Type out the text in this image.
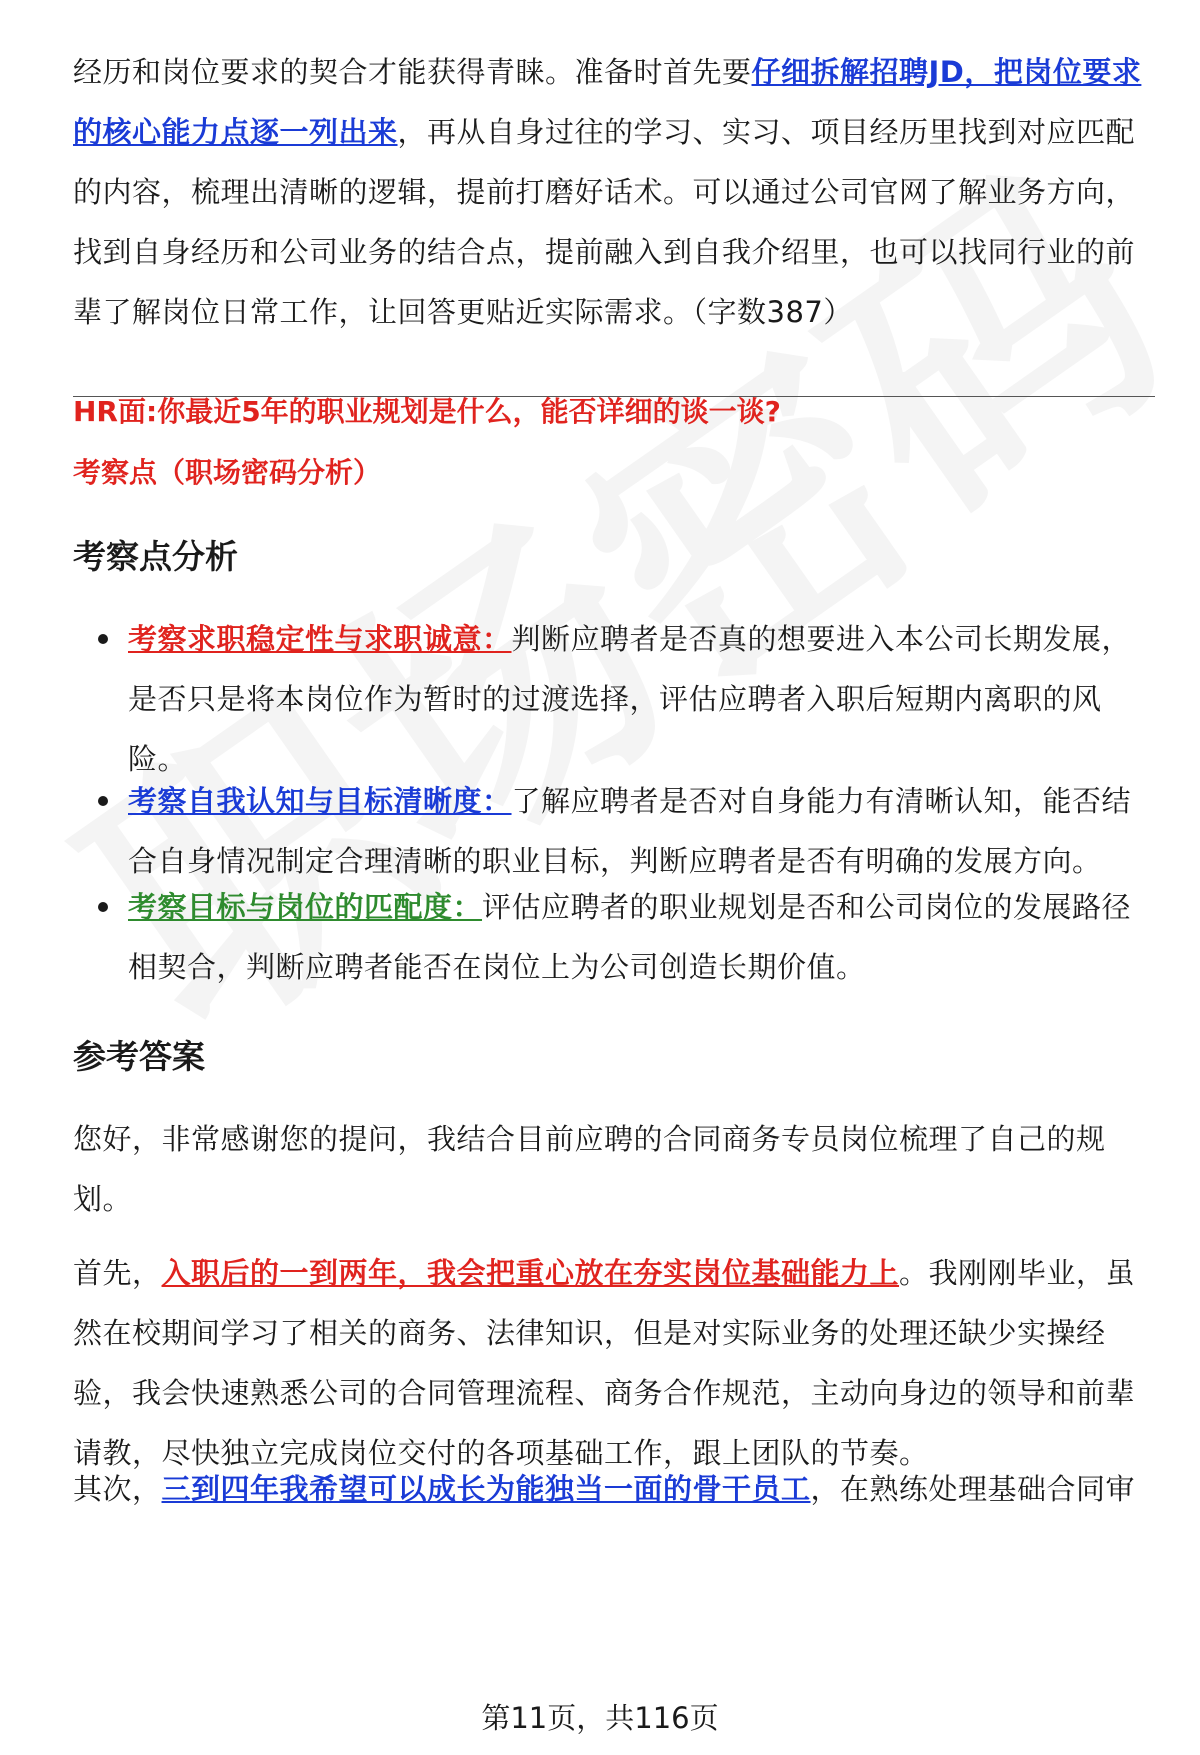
经历和岗位要求的契合才能获得青睐。准备时首先要仔细拆解招聘JD，把岗位要求的核心能力点逐一列出来，再从自身过往的学习、实习、项目经历里找到对应匹配的内容，梳理出清晰的逻辑，提前打磨好话术。可以通过公司官网了解业务方向，找到自身经历和公司业务的结合点，提前融入到自我介绍里，也可以找同行业的前辈了解岗位日常工作，让回答更贴近实际需求。（字数387）
HR面:你最近5年的职业规划是什么，能否详细的谈一谈?
考察点（职场密码分析）
考察点分析
考察求职稳定性与求职诚意：判断应聘者是否真的想要进入本公司长期发展，是否只是将本岗位作为暂时的过渡选择，评估应聘者入职后短期内离职的风险。
考察自我认知与目标清晰度：了解应聘者是否对自身能力有清晰认知，能否结合自身情况制定合理清晰的职业目标，判断应聘者是否有明确的发展方向。
考察目标与岗位的匹配度：评估应聘者的职业规划是否和公司岗位的发展路径相契合，判断应聘者能否在岗位上为公司创造长期价值。
参考答案
您好，非常感谢您的提问，我结合目前应聘的合同商务专员岗位梳理了自己的规划。
首先，入职后的一到两年，我会把重心放在夯实岗位基础能力上。我刚刚毕业，虽然在校期间学习了相关的商务、法律知识，但是对实际业务的处理还缺少实操经验，我会快速熟悉公司的合同管理流程、商务合作规范，主动向身边的领导和前辈请教，尽快独立完成岗位交付的各项基础工作，跟上团队的节奏。
其次，三到四年我希望可以成长为能独当一面的骨干员工，在熟练处理基础合同审
第11页，共116页
